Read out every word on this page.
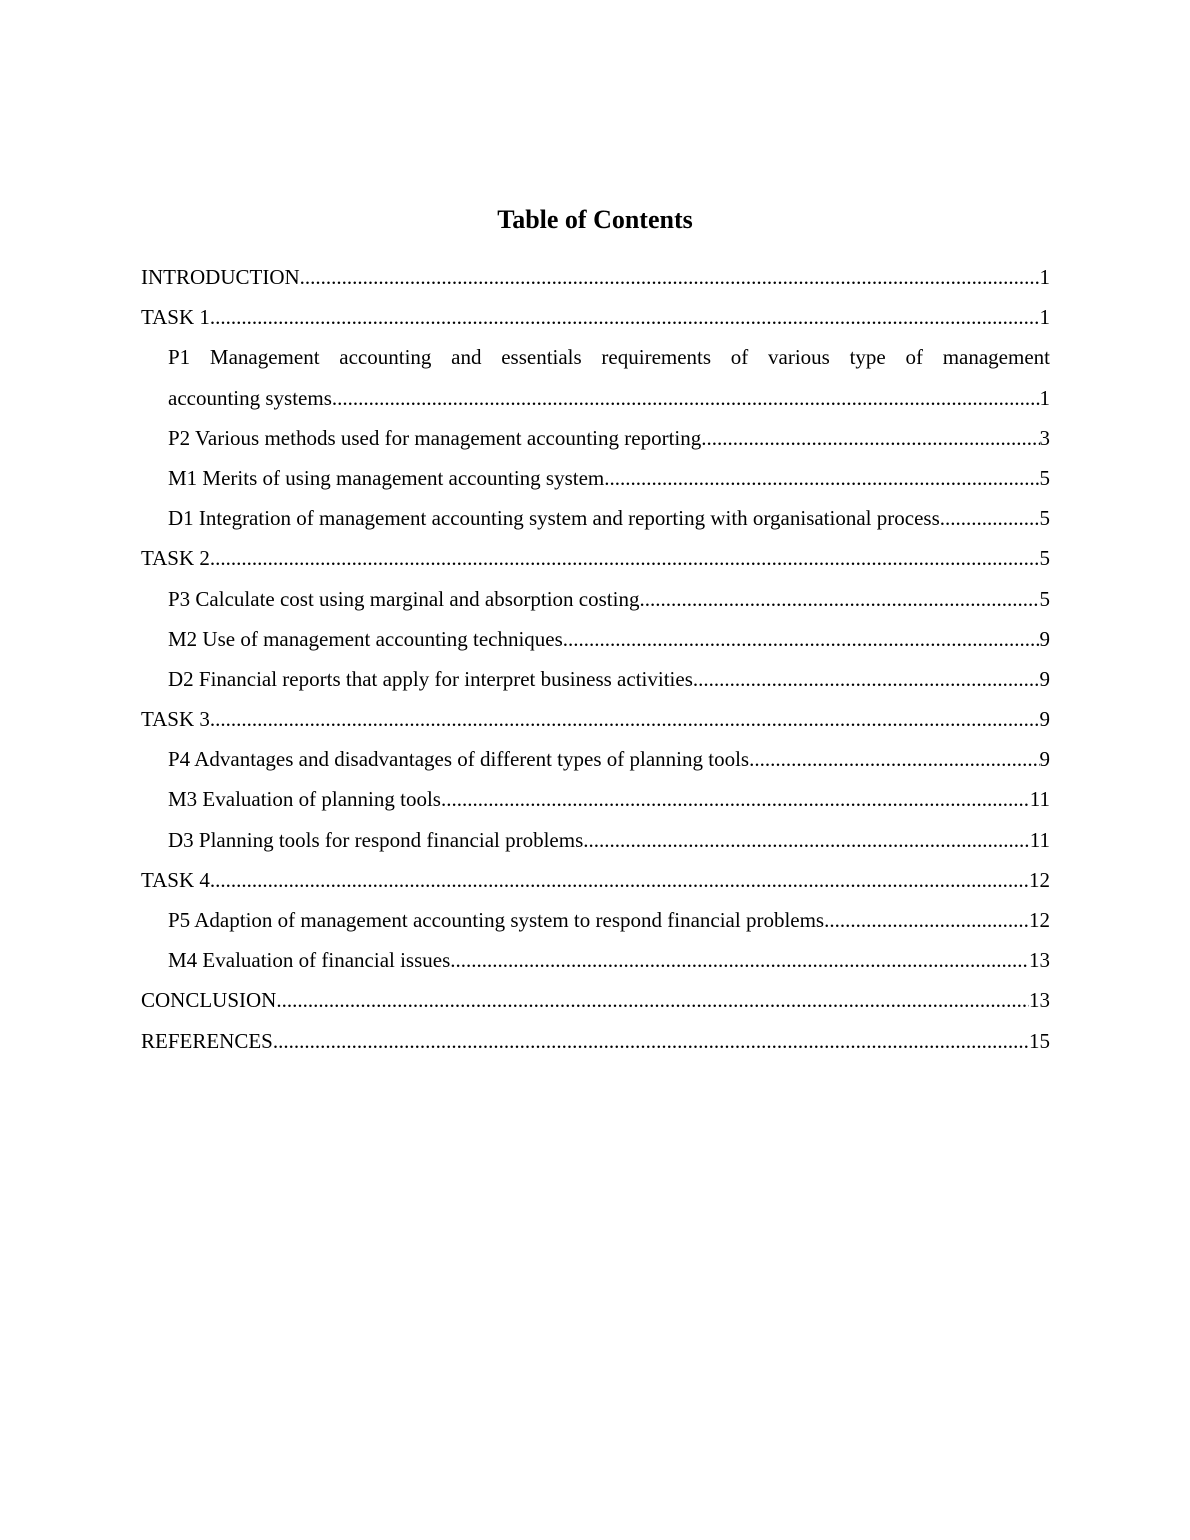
Table of Contents
INTRODUCTION .....	1
TASK 1 .....	1
P1 Management accounting and essentials requirements of various type of management
accounting systems .....	1
P2 Various methods used for management accounting reporting .....	3
M1 Merits of using management accounting system .....	5
D1 Integration of management accounting system and reporting with organisational process .....	5
TASK 2 .....	5
P3 Calculate cost using marginal and absorption costing .....	5
M2 Use of management accounting techniques .....	9
D2 Financial reports that apply for interpret business activities .....	9
TASK 3 .....	9
P4 Advantages and disadvantages of different types of planning tools .....	9
M3 Evaluation of planning tools .....	11
D3 Planning tools for respond financial problems .....	11
TASK 4 .....	12
P5 Adaption of management accounting system to respond financial problems .....	12
M4 Evaluation of financial issues .....	13
CONCLUSION .....	13
REFERENCES .....	15
